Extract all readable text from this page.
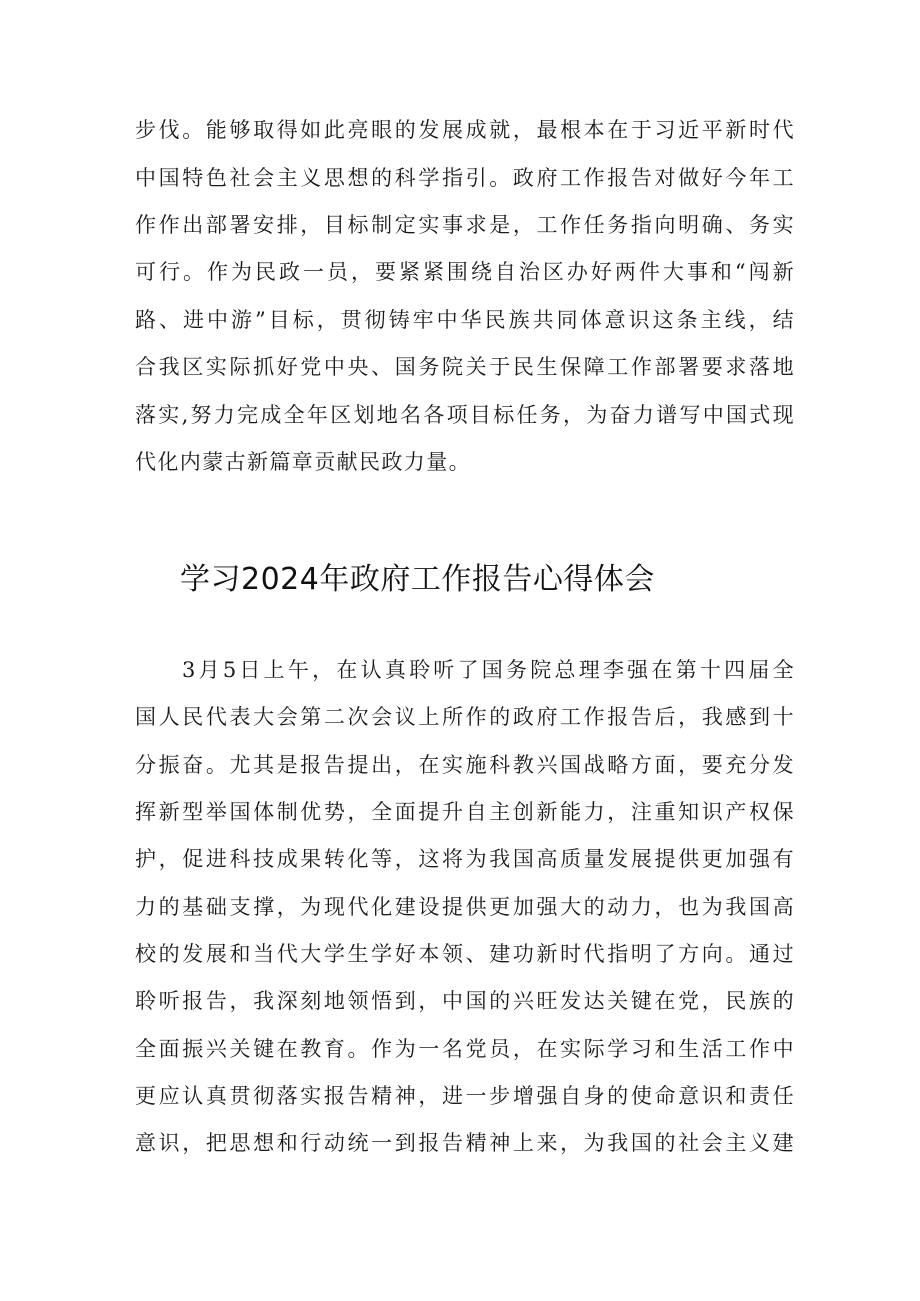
步伐。能够取得如此亮眼的发展成就，最根本在于习近平新时代
中国特色社会主义思想的科学指引。政府工作报告对做好今年工
作作出部署安排，目标制定实事求是，工作任务指向明确、务实
可行。作为民政一员，要紧紧围绕自治区办好两件大事和“闯新
路、进中游”目标，贯彻铸牢中华民族共同体意识这条主线，结
合我区实际抓好党中央、国务院关于民生保障工作部署要求落地
落实,努力完成全年区划地名各项目标任务，为奋力谱写中国式现
代化内蒙古新篇章贡献民政力量。
学习2024年政府工作报告心得体会
3月5日上午，在认真聆听了国务院总理李强在第十四届全
国人民代表大会第二次会议上所作的政府工作报告后，我感到十
分振奋。尤其是报告提出，在实施科教兴国战略方面，要充分发
挥新型举国体制优势，全面提升自主创新能力，注重知识产权保
护，促进科技成果转化等，这将为我国高质量发展提供更加强有
力的基础支撑，为现代化建设提供更加强大的动力，也为我国高
校的发展和当代大学生学好本领、建功新时代指明了方向。通过
聆听报告，我深刻地领悟到，中国的兴旺发达关键在党，民族的
全面振兴关键在教育。作为一名党员，在实际学习和生活工作中
更应认真贯彻落实报告精神，进一步增强自身的使命意识和责任
意识，把思想和行动统一到报告精神上来，为我国的社会主义建
